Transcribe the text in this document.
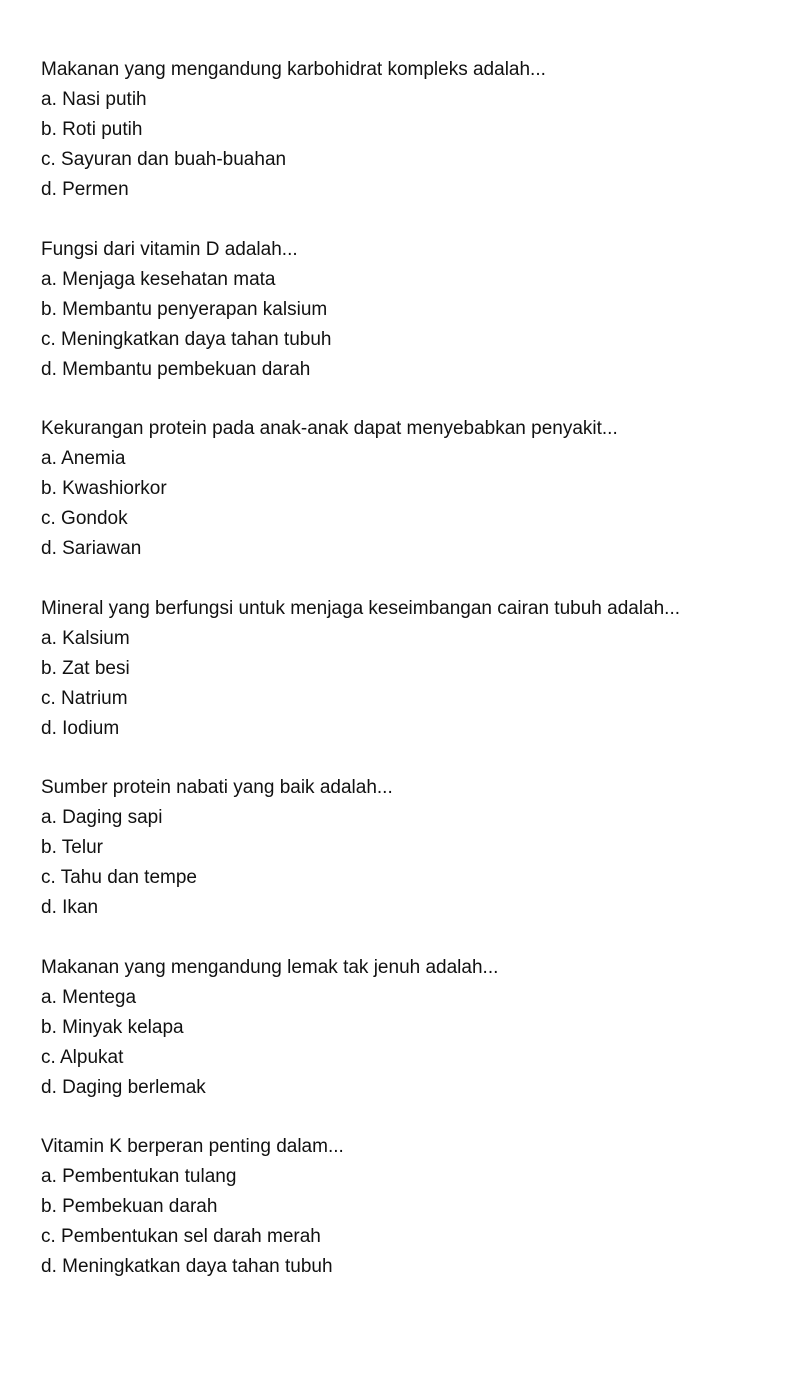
Makanan yang mengandung karbohidrat kompleks adalah...
a. Nasi putih
b. Roti putih
c. Sayuran dan buah-buahan
d. Permen
Fungsi dari vitamin D adalah...
a. Menjaga kesehatan mata
b. Membantu penyerapan kalsium
c. Meningkatkan daya tahan tubuh
d. Membantu pembekuan darah
Kekurangan protein pada anak-anak dapat menyebabkan penyakit...
a. Anemia
b. Kwashiorkor
c. Gondok
d. Sariawan
Mineral yang berfungsi untuk menjaga keseimbangan cairan tubuh adalah...
a. Kalsium
b. Zat besi
c. Natrium
d. Iodium
Sumber protein nabati yang baik adalah...
a. Daging sapi
b. Telur
c. Tahu dan tempe
d. Ikan
Makanan yang mengandung lemak tak jenuh adalah...
a. Mentega
b. Minyak kelapa
c. Alpukat
d. Daging berlemak
Vitamin K berperan penting dalam...
a. Pembentukan tulang
b. Pembekuan darah
c. Pembentukan sel darah merah
d. Meningkatkan daya tahan tubuh
